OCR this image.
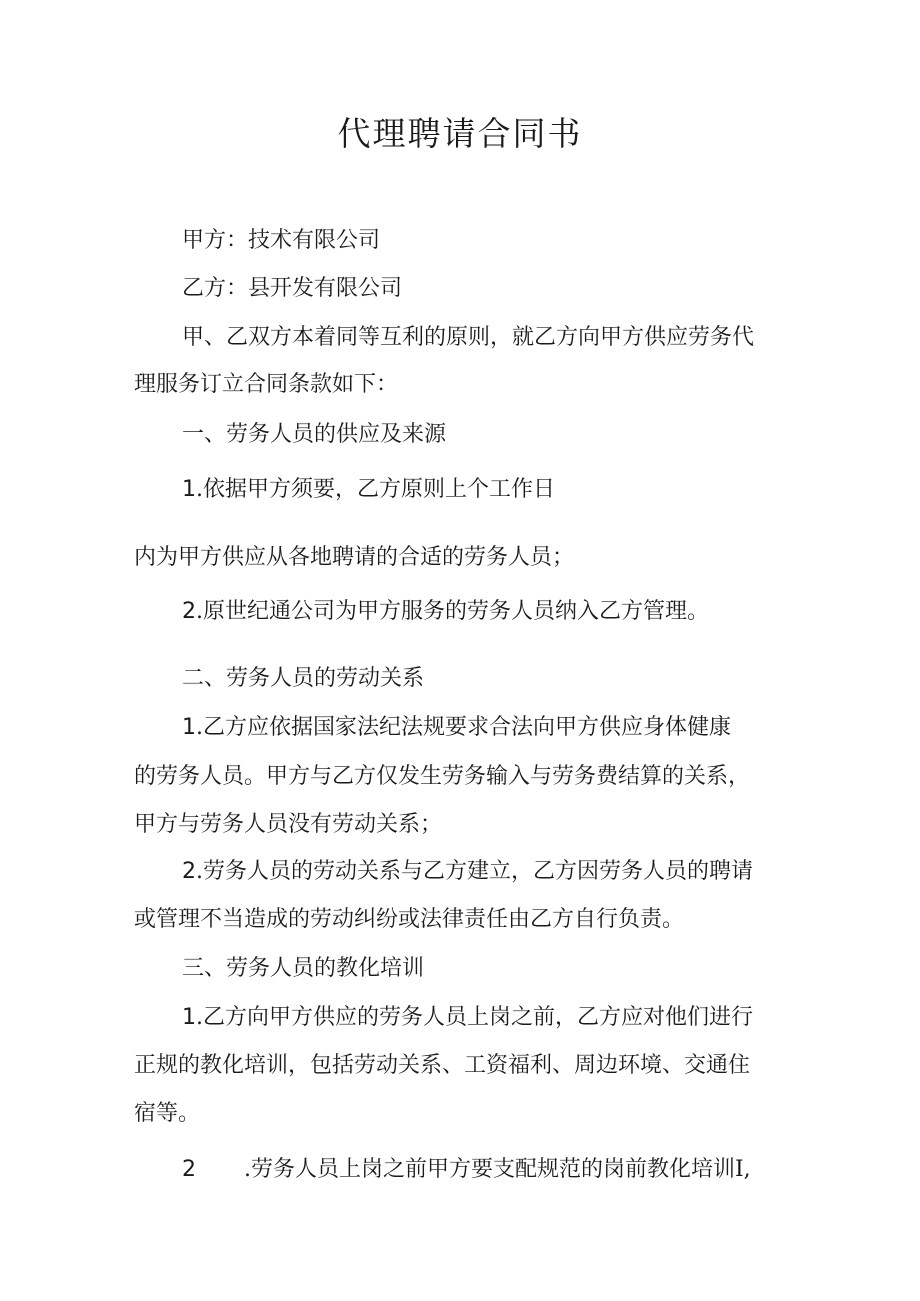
代理聘请合同书
甲方：技术有限公司
乙方：县开发有限公司
甲、乙双方本着同等互利的原则，就乙方向甲方供应劳务代
理服务订立合同条款如下：
一、劳务人员的供应及来源
1.依据甲方须要，乙方原则上个工作日
内为甲方供应从各地聘请的合适的劳务人员；
2.原世纪通公司为甲方服务的劳务人员纳入乙方管理。
二、劳务人员的劳动关系
1.乙方应依据国家法纪法规要求合法向甲方供应身体健康
的劳务人员。甲方与乙方仅发生劳务输入与劳务费结算的关系，
甲方与劳务人员没有劳动关系；
2.劳务人员的劳动关系与乙方建立，乙方因劳务人员的聘请
或管理不当造成的劳动纠纷或法律责任由乙方自行负责。
三、劳务人员的教化培训
1.乙方向甲方供应的劳务人员上岗之前，乙方应对他们进行
正规的教化培训，包括劳动关系、工资福利、周边环境、交通住
宿等。
2 .劳务人员上岗之前甲方要支配规范的岗前教化培训I,
